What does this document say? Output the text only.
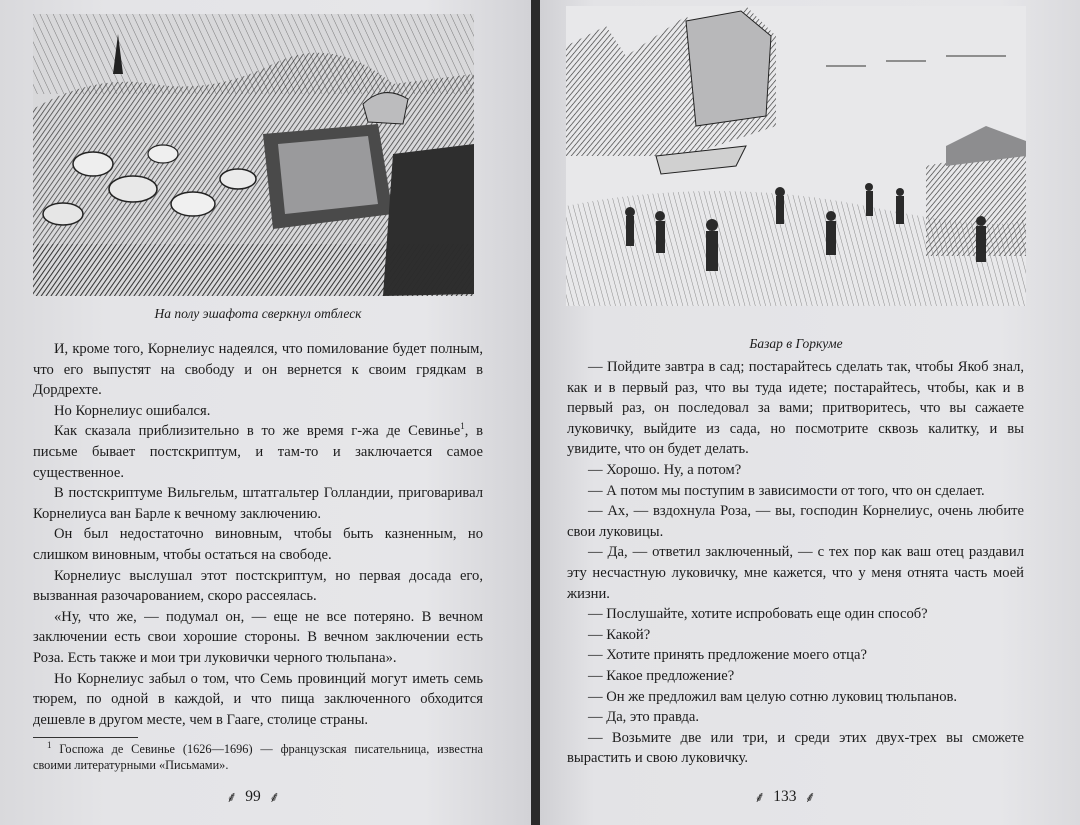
На полу эшафота сверкнул отблеск

И, кроме того, Корнелиус надеялся, что помилование будет полным, что его выпустят на свободу и он вернется к своим грядкам в Дордрехте.

Но Корнелиус ошибался.

Как сказала приблизительно в то же время г-жа де Севинье$^1$, в письме бывает постскриптум, и там-то и заключается самое существенное.

В постскриптуме Вильгельм, штатгальтер Голландии, приговаривал Корнелиуса ван Барле к вечному заключению.

Он был недостаточно виновным, чтобы быть казненным, но слишком виновным, чтобы остаться на свободе.

Корнелиус выслушал этот постскриптум, но первая досада его, вызванная разочарованием, скоро рассеялась.

«Ну, что же, — подумал он, — еще не все потеряно. В вечном заключении есть свои хорошие стороны. В вечном заключении есть Роза. Есть также и мои три луковички черного тюльпана».

Но Корнелиус забыл о том, что Семь провинций могут иметь семь тюрем, по одной в каждой, и что пища заключенного обходится дешевле в другом месте, чем в Гааге, столице страны.

$^1$ Госпожа де Севинье (1626—1696) — французская писательница, известна своими литературными «Письмами».

⸙ 99 ⸙
Базар в Горкуме

— Пойдите завтра в сад; постарайтесь сделать так, чтобы Якоб знал, как и в первый раз, что вы туда идете; постарайтесь, чтобы, как и в первый раз, он последовал за вами; притворитесь, что вы сажаете луковичку, выйдите из сада, но посмотрите сквозь калитку, и вы увидите, что он будет делать.

— Хорошо. Ну, а потом?

— А потом мы поступим в зависимости от того, что он сделает.

— Ах, — вздохнула Роза, — вы, господин Корнелиус, очень любите свои луковицы.

— Да, — ответил заключенный, — с тех пор как ваш отец раздавил эту несчастную луковичку, мне кажется, что у меня отнята часть моей жизни.

— Послушайте, хотите испробовать еще один способ?

— Какой?

— Хотите принять предложение моего отца?

— Какое предложение?

— Он же предложил вам целую сотню луковиц тюльпанов.

— Да, это правда.

— Возьмите две или три, и среди этих двух-трех вы сможете вырастить и свою луковичку.

⸙ 133 ⸙
